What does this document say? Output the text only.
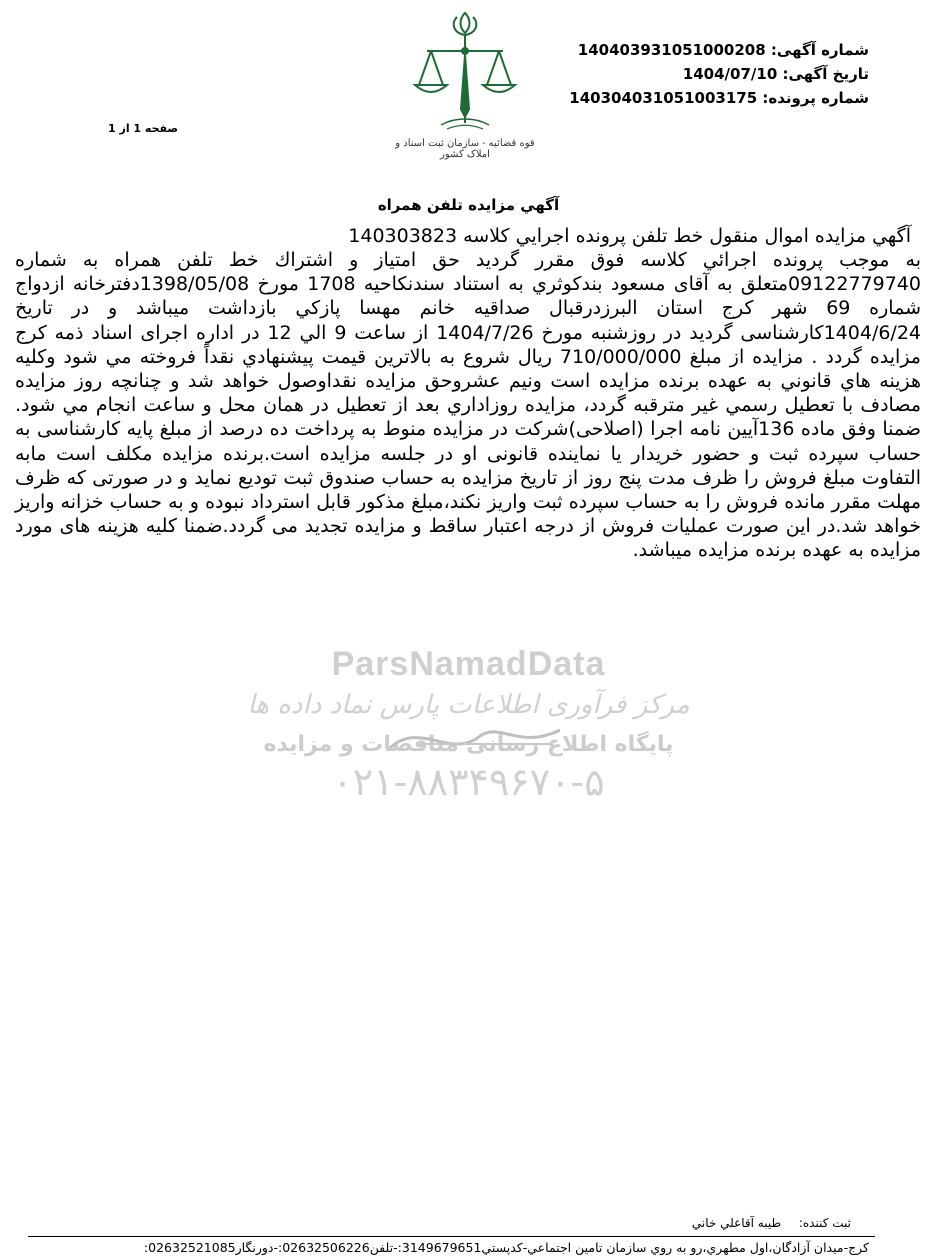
شماره آگهی: 14040393105100020‎8
تاریخ آگهی: 1404/07/10
شماره پرونده: 14030403105100317‎5
صفحه 1 از 1
قوه قضائیه - سازمان ثبت اسناد و املاک کشور
آگهي مزايده تلفن همراه
آگهي مزايده اموال منقول خط تلفن پرونده اجرايي كلاسه 140303823
به موجب پرونده اجرائي كلاسه فوق مقرر گرديد حق امتياز و اشتراك خط تلفن همراه به شماره 09122779740متعلق به آقای مسعود بندكوثري به استناد سندنكاحيه 1708 مورخ 1398/05/08دفترخانه ازدواج شماره 69 شهر كرج استان البرزدرقبال صداقيه خانم مهسا پازكي بازداشت ميباشد و در تاريخ 1404/6/24كارشناسی گرديد در روزشنبه مورخ 1404/7/26 از ساعت 9 الي 12 در اداره اجرای اسناد ذمه كرج مزايده گردد . مزايده از مبلغ 710/000/000 ريال شروع به بالاترين قيمت پيشنهادي نقداً فروخته مي شود وكليه هزينه هاي قانوني به عهده برنده مزايده است ونيم عشروحق مزايده نقداوصول خواهد شد و چنانچه روز مزايده مصادف با تعطيل رسمي غير مترقبه گردد، مزايده روزاداري بعد از تعطيل در همان محل و ساعت انجام مي شود. ضمنا وفق ماده 136آيين نامه اجرا (اصلاحی)شركت در مزايده منوط به پرداخت ده درصد از مبلغ پايه كارشناسی به حساب سپرده ثبت و حضور خريدار يا نماينده قانونی او در جلسه مزايده است.برنده مزايده مكلف است مابه التفاوت مبلغ فروش را ظرف مدت پنج روز از تاريخ مزايده به حساب صندوق ثبت توديع نمايد و در صورتی كه ظرف مهلت مقرر مانده فروش را به حساب سپرده ثبت واريز نكند،مبلغ مذكور قابل استرداد نبوده و به حساب خزانه واريز خواهد شد.در اين صورت عمليات فروش از درجه اعتبار ساقط و مزايده تجديد می گردد.ضمنا كليه هزينه های مورد مزايده به عهده برنده مزايده ميباشد.
ParsNamadData
مرکز فرآوری اطلاعات پارس نماد داده ها
پایگاه اطلاع رسانی مناقصات و مزایده
۰۲۱-۸۸۳۴۹۶۷۰-۵
ثبت كننده: طيبه آقاعلي خاني
كرج-ميدان آزادگان،اول مطهري،رو به روي سازمان تامين اجتماعي-كدپستي3149679651:-تلفن02632506226:-دورنگار02632521085:
